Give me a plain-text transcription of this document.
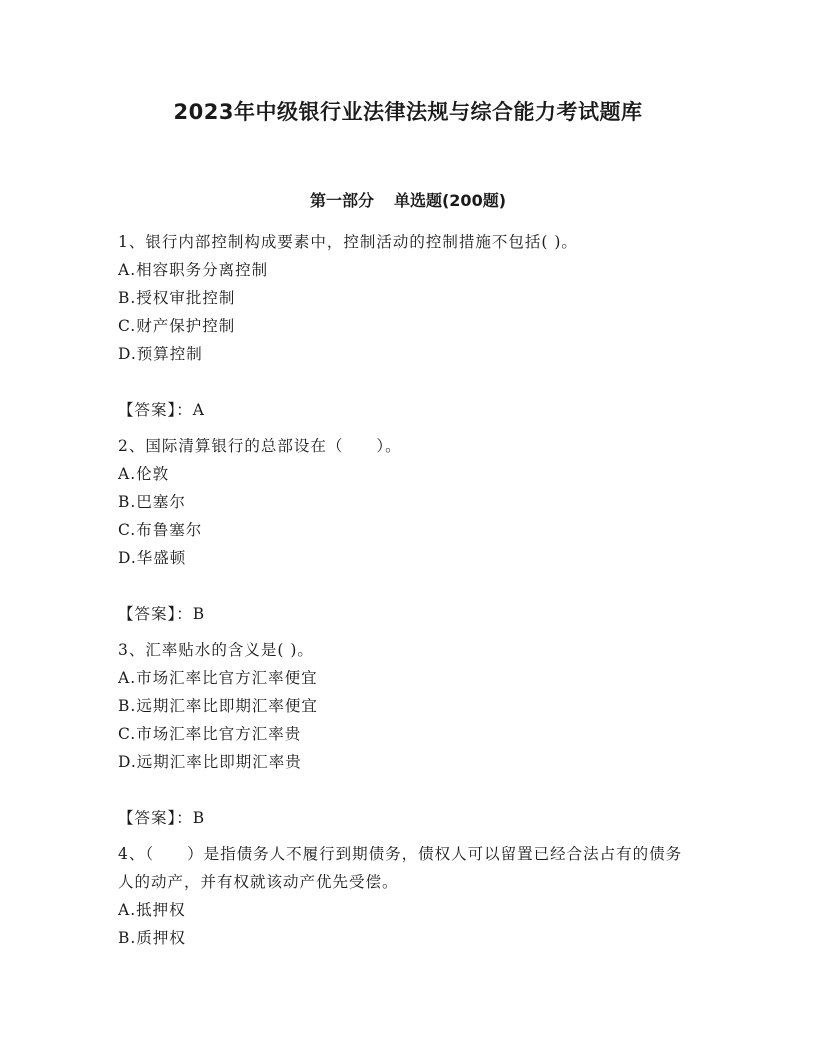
2023年中级银行业法律法规与综合能力考试题库
第一部分 单选题(200题)
1、银行内部控制构成要素中，控制活动的控制措施不包括( )。
A.相容职务分离控制
B.授权审批控制
C.财产保护控制
D.预算控制
【答案】：A
2、国际清算银行的总部设在（　　）。
A.伦敦
B.巴塞尔
C.布鲁塞尔
D.华盛顿
【答案】：B
3、汇率贴水的含义是( )。
A.市场汇率比官方汇率便宜
B.远期汇率比即期汇率便宜
C.市场汇率比官方汇率贵
D.远期汇率比即期汇率贵
【答案】：B
4、（　　）是指债务人不履行到期债务，债权人可以留置已经合法占有的债务人的动产，并有权就该动产优先受偿。
A.抵押权
B.质押权
